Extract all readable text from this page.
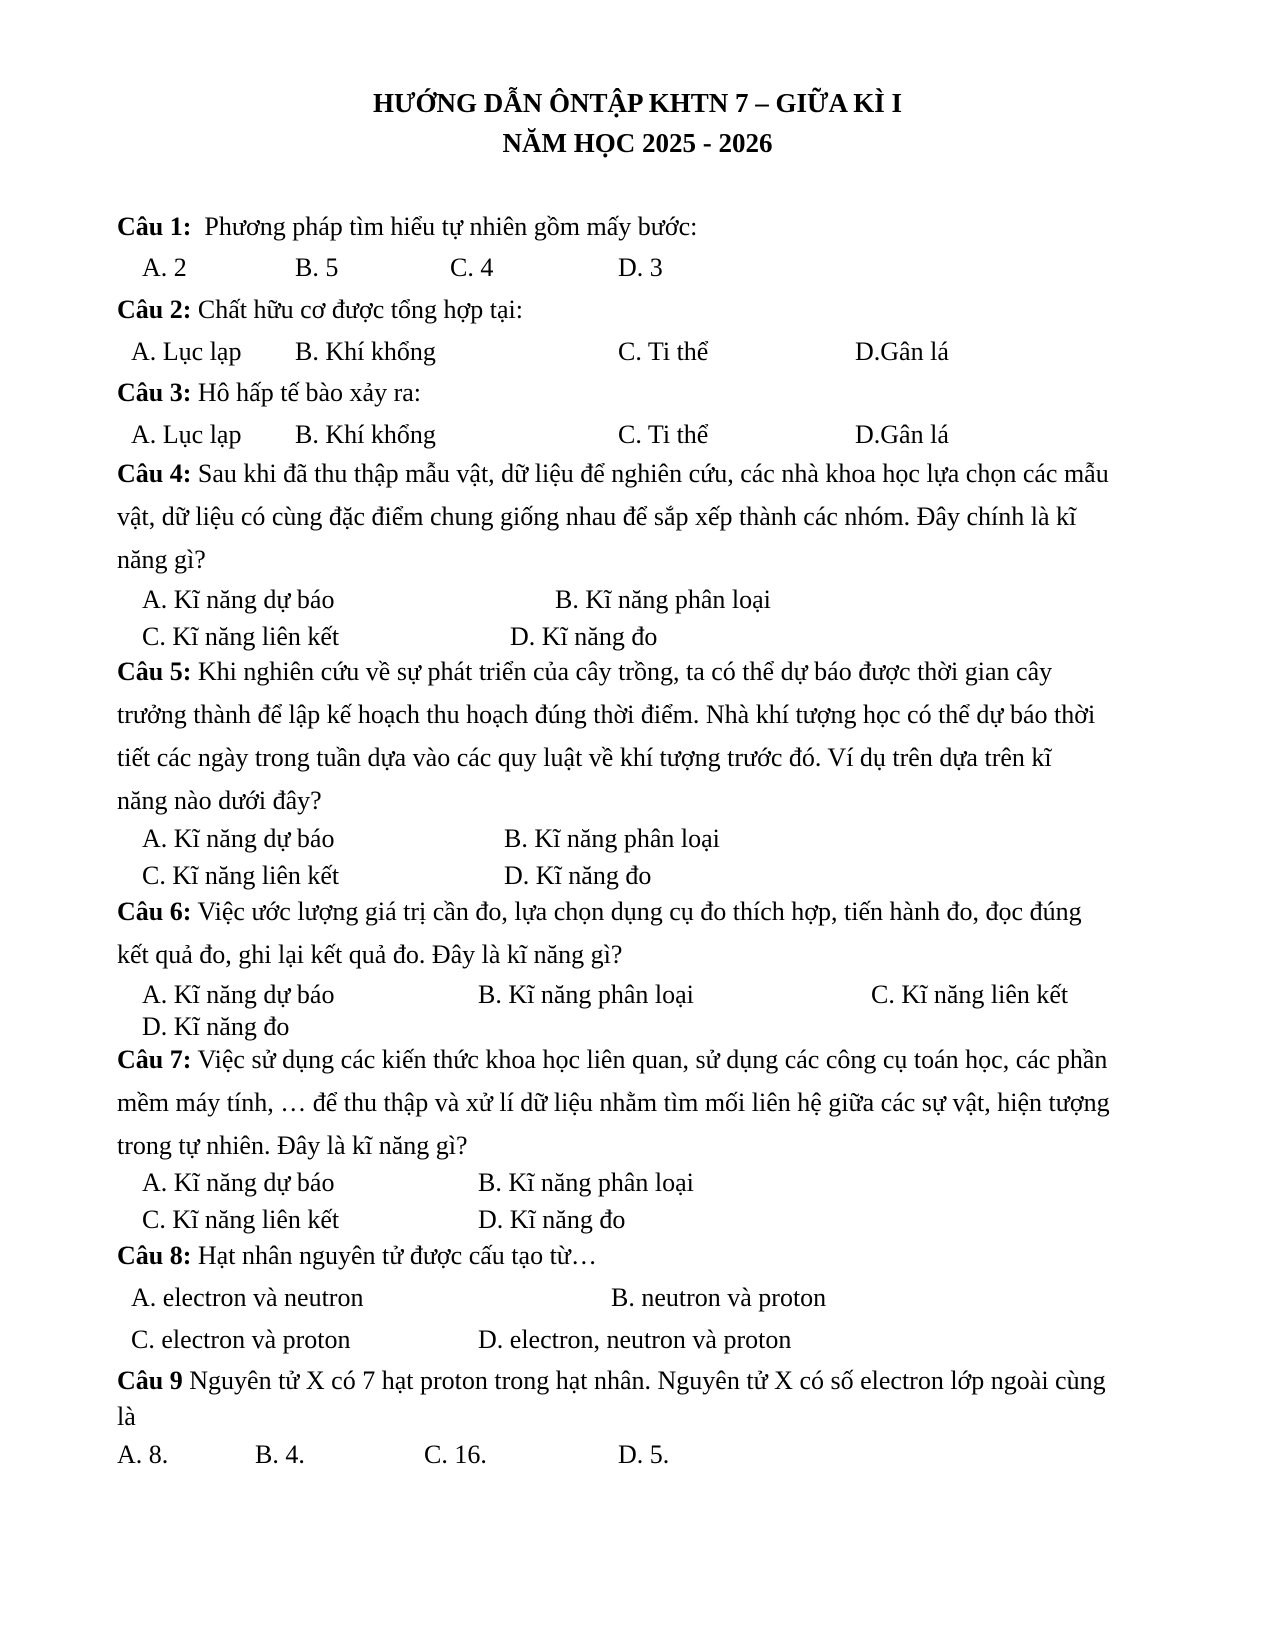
HƯỚNG DẪN ÔNTẬP KHTN 7 – GIỮA KÌ I
NĂM HỌC 2025 - 2026
Câu 1: Phương pháp tìm hiểu tự nhiên gồm mấy bước:
A. 2	B. 5	C. 4	D. 3
Câu 2: Chất hữu cơ được tổng hợp tại:
A. Lục lạp B. Khí khổng	C. Ti thể	D.Gân lá
Câu 3: Hô hấp tế bào xảy ra:
A. Lục lạp B. Khí khổng	C. Ti thể	D.Gân lá
Câu 4: Sau khi đã thu thập mẫu vật, dữ liệu để nghiên cứu, các nhà khoa học lựa chọn các mẫu vật, dữ liệu có cùng đặc điểm chung giống nhau để sắp xếp thành các nhóm. Đây chính là kĩ năng gì?
A. Kĩ năng dự báo	B. Kĩ năng phân loại
C. Kĩ năng liên kết	D. Kĩ năng đo
Câu 5: Khi nghiên cứu về sự phát triển của cây trồng, ta có thể dự báo được thời gian cây trưởng thành để lập kế hoạch thu hoạch đúng thời điểm. Nhà khí tượng học có thể dự báo thời tiết các ngày trong tuần dựa vào các quy luật về khí tượng trước đó. Ví dụ trên dựa trên kĩ năng nào dưới đây?
A. Kĩ năng dự báo	B. Kĩ năng phân loại
C. Kĩ năng liên kết	D. Kĩ năng đo
Câu 6: Việc ước lượng giá trị cần đo, lựa chọn dụng cụ đo thích hợp, tiến hành đo, đọc đúng kết quả đo, ghi lại kết quả đo. Đây là kĩ năng gì?
A. Kĩ năng dự báo	B. Kĩ năng phân loại	C. Kĩ năng liên kết
D. Kĩ năng đo
Câu 7: Việc sử dụng các kiến thức khoa học liên quan, sử dụng các công cụ toán học, các phần mềm máy tính, … để thu thập và xử lí dữ liệu nhằm tìm mối liên hệ giữa các sự vật, hiện tượng trong tự nhiên. Đây là kĩ năng gì?
A. Kĩ năng dự báo	B. Kĩ năng phân loại
C. Kĩ năng liên kết	D. Kĩ năng đo
Câu 8: Hạt nhân nguyên tử được cấu tạo từ…
A. electron và neutron	B. neutron và proton
C. electron và proton	D. electron, neutron và proton
Câu 9 Nguyên tử X có 7 hạt proton trong hạt nhân. Nguyên tử X có số electron lớp ngoài cùng là
A. 8.	B. 4.	C. 16.	D. 5.
